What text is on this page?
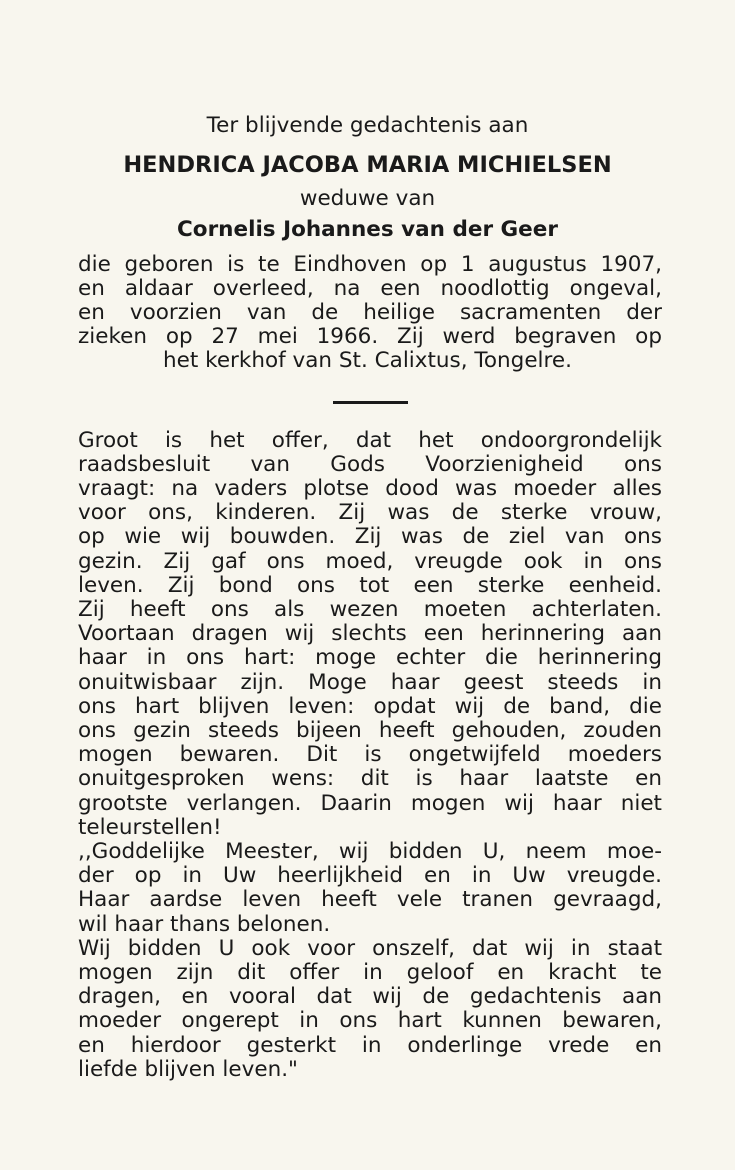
Ter blijvende gedachtenis aan
HENDRICA JACOBA MARIA MICHIELSEN
weduwe van
Cornelis Johannes van der Geer
die geboren is te Eindhoven op 1 augustus 1907,
en aldaar overleed, na een noodlottig ongeval,
en voorzien van de heilige sacramenten der
zieken op 27 mei 1966. Zij werd begraven op
het kerkhof van St. Calixtus, Tongelre.
Groot is het offer, dat het ondoorgrondelijk
raadsbesluit van Gods Voorzienigheid ons
vraagt: na vaders plotse dood was moeder alles
voor ons, kinderen. Zij was de sterke vrouw,
op wie wij bouwden. Zij was de ziel van ons
gezin. Zij gaf ons moed, vreugde ook in ons
leven. Zij bond ons tot een sterke eenheid.
Zij heeft ons als wezen moeten achterlaten.
Voortaan dragen wij slechts een herinnering aan
haar in ons hart: moge echter die herinnering
onuitwisbaar zijn. Moge haar geest steeds in
ons hart blijven leven: opdat wij de band, die
ons gezin steeds bijeen heeft gehouden, zouden
mogen bewaren. Dit is ongetwijfeld moeders
onuitgesproken wens: dit is haar laatste en
grootste verlangen. Daarin mogen wij haar niet
teleurstellen!
,,Goddelijke Meester, wij bidden U, neem moe-
der op in Uw heerlijkheid en in Uw vreugde.
Haar aardse leven heeft vele tranen gevraagd,
wil haar thans belonen.
Wij bidden U ook voor onszelf, dat wij in staat
mogen zijn dit offer in geloof en kracht te
dragen, en vooral dat wij de gedachtenis aan
moeder ongerept in ons hart kunnen bewaren,
en hierdoor gesterkt in onderlinge vrede en
liefde blijven leven."
